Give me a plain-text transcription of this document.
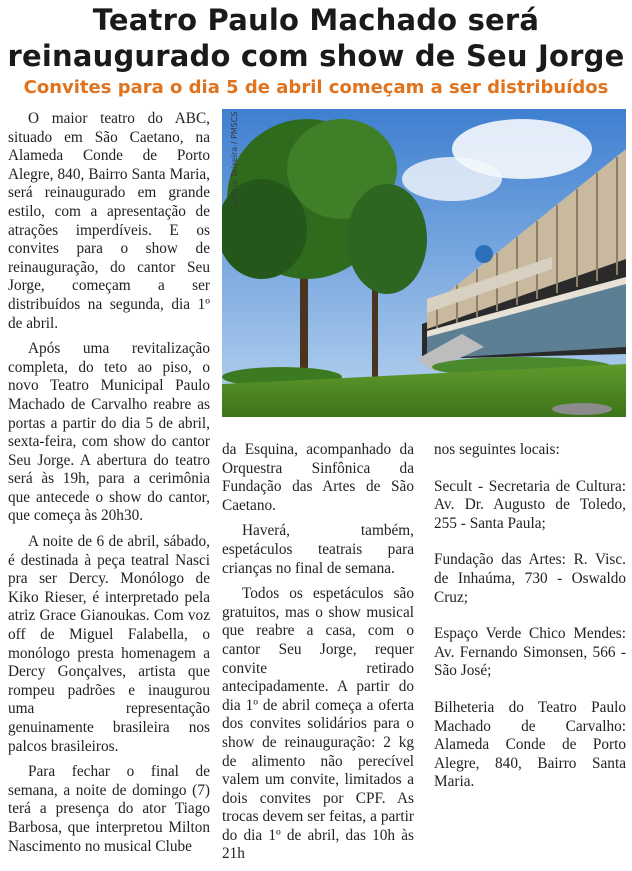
Teatro Paulo Machado será
reinaugurado com show de Seu Jorge
Convites para o dia 5 de abril começam a ser distribuídos
Letícia Teixeira / PMSCS

O maior teatro do ABC, situado em São Caetano, na Alameda Conde de Porto Alegre, 840, Bairro Santa Maria, será reinaugurado em grande estilo, com a apresentação de atrações imperdíveis. E os convites para o show de reinauguração, do cantor Seu Jorge, começam a ser distribuídos na segunda, dia 1º de abril.

Após uma revitalização completa, do teto ao piso, o novo Teatro Municipal Paulo Machado de Carvalho reabre as portas a partir do dia 5 de abril, sexta-feira, com show do cantor Seu Jorge. A abertura do teatro será às 19h, para a cerimônia que antecede o show do cantor, que começa às 20h30.

A noite de 6 de abril, sábado, é destinada à peça teatral Nasci pra ser Dercy. Monólogo de Kiko Rieser, é interpretado pela atriz Grace Gianoukas. Com voz off de Miguel Falabella, o monólogo presta homenagem a Dercy Gonçalves, artista que rompeu padrões e inaugurou uma representação genuinamente brasileira nos palcos brasileiros.

Para fechar o final de semana, a noite de domingo (7) terá a presença do ator Tiago Barbosa, que interpretou Milton Nascimento no musical Clube

da Esquina, acompanhado da Orquestra Sinfônica da Fundação das Artes de São Caetano.

Haverá, também, espetáculos teatrais para crianças no final de semana.

Todos os espetáculos são gratuitos, mas o show musical que reabre a casa, com o cantor Seu Jorge, requer convite retirado antecipadamente. A partir do dia 1º de abril começa a oferta dos convites solidários para o show de reinauguração: 2 kg de alimento não perecível valem um convite, limitados a dois convites por CPF. As trocas devem ser feitas, a partir do dia 1º de abril, das 10h às 21h

nos seguintes locais:

Secult - Secretaria de Cultura: Av. Dr. Augusto de Toledo, 255 - Santa Paula;

Fundação das Artes: R. Visc. de Inhaúma, 730 - Oswaldo Cruz;

Espaço Verde Chico Mendes: Av. Fernando Simonsen, 566 - São José;

Bilheteria do Teatro Paulo Machado de Carvalho: Alameda Conde de Porto Alegre, 840, Bairro Santa Maria.
